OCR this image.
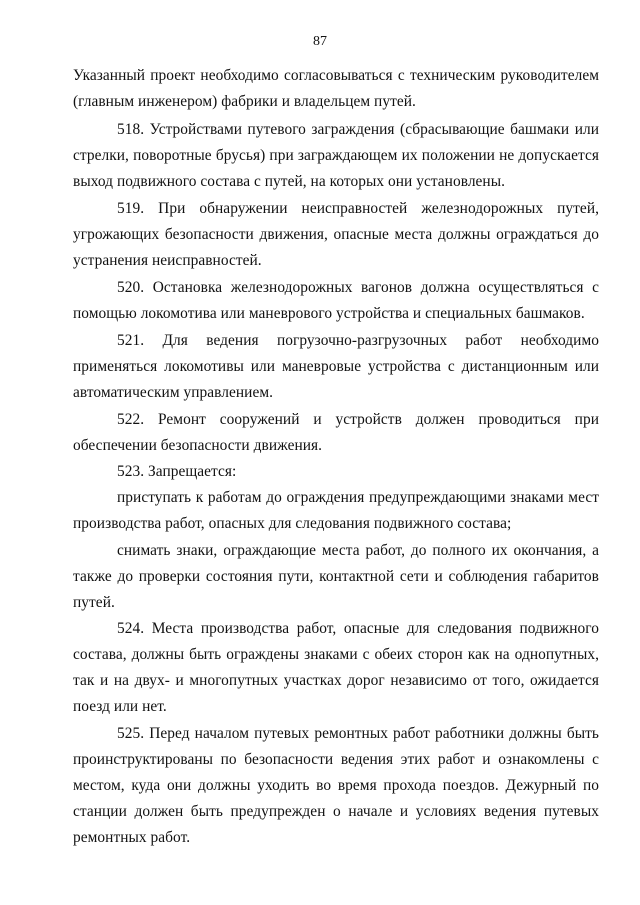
87
Указанный проект необходимо согласовываться с техническим руководителем
(главным инженером) фабрики и владельцем путей.
518. Устройствами путевого заграждения (сбрасывающие башмаки или
стрелки, поворотные брусья) при заграждающем их положении не допускается
выход подвижного состава с путей, на которых они установлены.
519. При обнаружении неисправностей железнодорожных путей,
угрожающих безопасности движения, опасные места должны ограждаться до
устранения неисправностей.
520. Остановка железнодорожных вагонов должна осуществляться с
помощью локомотива или маневрового устройства и специальных башмаков.
521. Для ведения погрузочно-разгрузочных работ необходимо
применяться локомотивы или маневровые устройства с дистанционным или
автоматическим управлением.
522. Ремонт сооружений и устройств должен проводиться при
обеспечении безопасности движения.
523. Запрещается:
приступать к работам до ограждения предупреждающими знаками мест
производства работ, опасных для следования подвижного состава;
снимать знаки, ограждающие места работ, до полного их окончания, а
также до проверки состояния пути, контактной сети и соблюдения габаритов
путей.
524. Места производства работ, опасные для следования подвижного
состава, должны быть ограждены знаками с обеих сторон как на однопутных,
так и на двух- и многопутных участках дорог независимо от того, ожидается
поезд или нет.
525. Перед началом путевых ремонтных работ работники должны быть
проинструктированы по безопасности ведения этих работ и ознакомлены с
местом, куда они должны уходить во время прохода поездов. Дежурный по
станции должен быть предупрежден о начале и условиях ведения путевых
ремонтных работ.
